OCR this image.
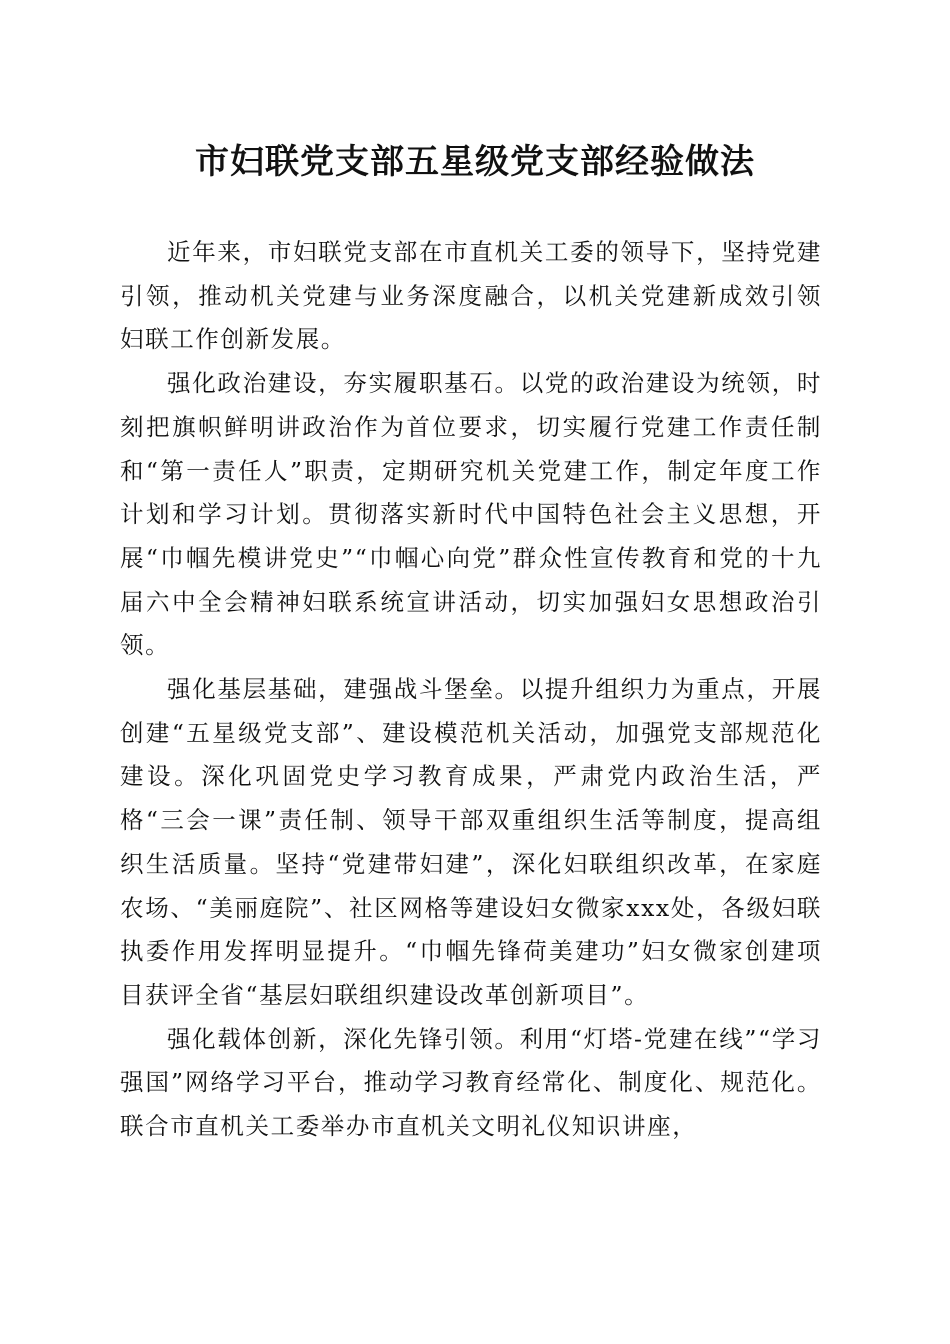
市妇联党支部五星级党支部经验做法

近年来，市妇联党支部在市直机关工委的领导下，坚持党建引领，推动机关党建与业务深度融合，以机关党建新成效引领妇联工作创新发展。

强化政治建设，夯实履职基石。以党的政治建设为统领，时刻把旗帜鲜明讲政治作为首位要求，切实履行党建工作责任制和“第一责任人”职责，定期研究机关党建工作，制定年度工作计划和学习计划。贯彻落实新时代中国特色社会主义思想，开展“巾帼先模讲党史”“巾帼心向党”群众性宣传教育和党的十九届六中全会精神妇联系统宣讲活动，切实加强妇女思想政治引领。

强化基层基础，建强战斗堡垒。以提升组织力为重点，开展创建“五星级党支部”、建设模范机关活动，加强党支部规范化建设。深化巩固党史学习教育成果，严肃党内政治生活，严格“三会一课”责任制、领导干部双重组织生活等制度，提高组织生活质量。坚持“党建带妇建”，深化妇联组织改革，在家庭农场、“美丽庭院”、社区网格等建设妇女微家xxx处，各级妇联执委作用发挥明显提升。“巾帼先锋荷美建功”妇女微家创建项目获评全省“基层妇联组织建设改革创新项目”。

强化载体创新，深化先锋引领。利用“灯塔-党建在线”“学习强国”网络学习平台，推动学习教育经常化、制度化、规范化。联合市直机关工委举办市直机关文明礼仪知识讲座，
